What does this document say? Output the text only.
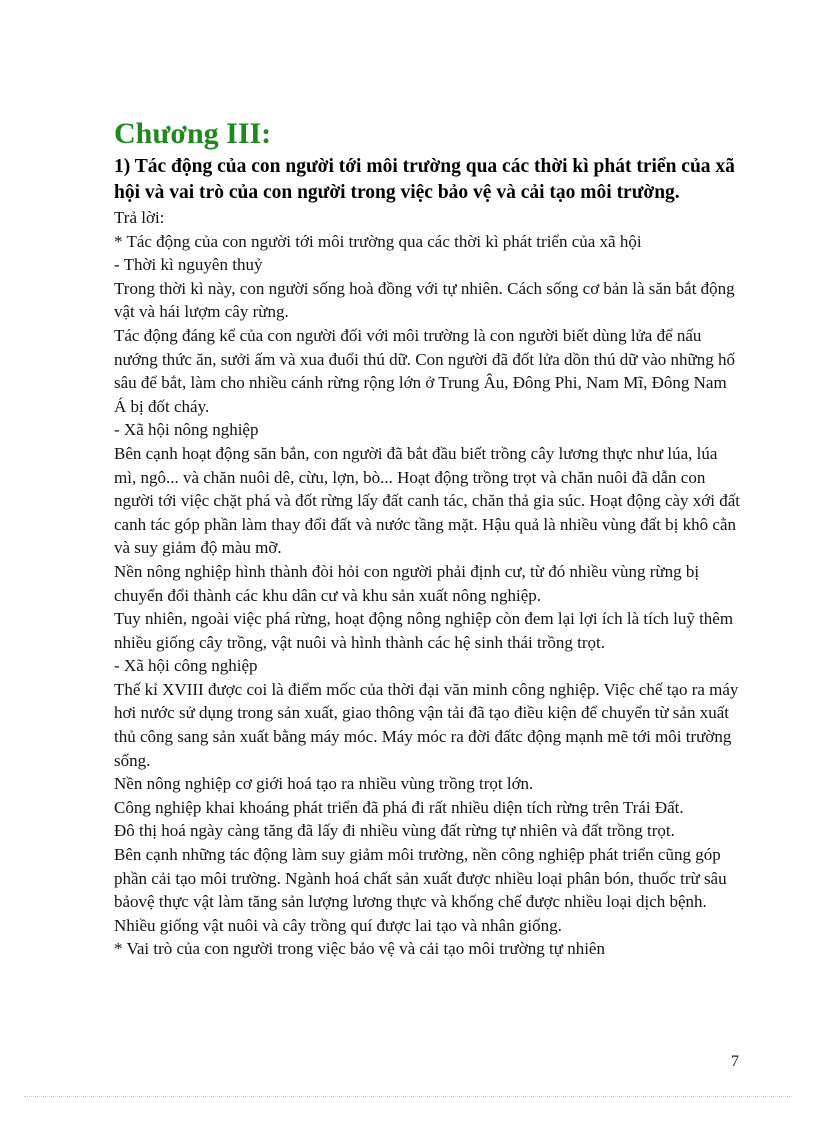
Chương III:

1) Tác động của con người tới môi trường qua các thời kì phát triển của xã hội và vai trò của con người trong việc bảo vệ và cải tạo môi trường.

Trả lời:

* Tác động của con người tới môi trường qua các thời kì phát triển của xã hội

- Thời kì nguyên thuỷ

Trong thời kì này, con người sống hoà đồng với tự nhiên. Cách sống cơ bản là săn bắt động vật và hái lượm cây rừng.

Tác động đáng kể của con người đối với môi trường là con người biết dùng lửa để nấu nướng thức ăn, sưởi ấm và xua đuổi thú dữ. Con người đã đốt lửa dồn thú dữ vào những hố sâu để bắt, làm cho nhiều cánh rừng rộng lớn ở Trung Âu, Đông Phi, Nam Mĩ, Đông Nam Á bị đốt cháy.

- Xã hội nông nghiệp

Bên cạnh hoạt động săn bắn, con người đã bắt đầu biết trồng cây lương thực như lúa, lúa mì, ngô... và chăn nuôi dê, cừu, lợn, bò... Hoạt động trồng trọt và chăn nuôi đã dẫn con người tới việc chặt phá và đốt rừng lấy đất canh tác, chăn thả gia súc. Hoạt động cày xới đất canh tác góp phần làm thay đổi đất và nước tầng mặt. Hậu quả là nhiều vùng đất bị khô cằn và suy giảm độ màu mỡ.

Nền nông nghiệp hình thành đòi hỏi con người phải định cư, từ đó nhiều vùng rừng bị chuyển đổi thành các khu dân cư và khu sản xuất nông nghiệp.

Tuy nhiên, ngoài việc phá rừng, hoạt động nông nghiệp còn đem lại lợi ích là tích luỹ thêm nhiều giống cây trồng, vật nuôi và hình thành các hệ sinh thái trồng trọt.

- Xã hội công nghiệp

Thế kỉ XVIII được coi là điểm mốc của thời đại văn minh công nghiệp. Việc chế tạo ra máy hơi nước sử dụng trong sản xuất, giao thông vận tải đã tạo điều kiện để chuyển từ sản xuất thủ công sang sản xuất bằng máy móc. Máy móc ra đời đấtc động mạnh mẽ tới môi trường sống.

Nền nông nghiệp cơ giới hoá tạo ra nhiều vùng trồng trọt lớn.

Công nghiệp khai khoáng phát triển đã phá đi rất nhiều diện tích rừng trên Trái Đất.

Đô thị hoá ngày càng tăng đã lấy đi nhiều vùng đất rừng tự nhiên và đất trồng trọt.

Bên cạnh những tác động làm suy giảm môi trường, nền công nghiệp phát triển cũng góp phần cải tạo môi trường. Ngành hoá chất sản xuất được nhiều loại phân bón, thuốc trừ sâu bảovệ thực vật làm tăng sản lượng lương thực và khống chế được nhiều loại dịch bệnh. Nhiều giống vật nuôi và cây trồng quí được lai tạo và nhân giống.

* Vai trò của con người trong việc bảo vệ và cải tạo môi trường tự nhiên

7
